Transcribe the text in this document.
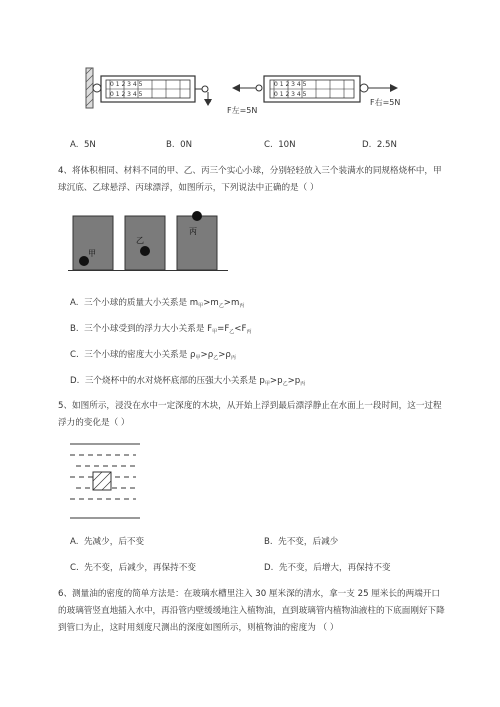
0 1 2 3 4 5
0 1 2 3 4 5
F
F左=5N
0 1 2 3 4 5
0 1 2 3 4 5
F右=5N
A. 5N	B. 0N	C. 10N	D. 2.5N
4、将体积相同、材料不同的甲、乙、丙三个实心小球，分别轻轻放入三个装满水的同规格烧杯中，甲球沉底、乙球悬浮、丙球漂浮，如图所示，下列说法中正确的是（ ）
甲
乙
丙
A. 三个小球的质量大小关系是 $m_甲>m_乙>m_丙$
B. 三个小球受到的浮力大小关系是 $F_甲=F_乙<F_丙$
C. 三个小球的密度大小关系是 $\rho_甲>\rho_乙>\rho_丙$
D. 三个烧杯中的水对烧杯底部的压强大小关系是 $p_甲>p_乙>p_丙$
5、如图所示，浸没在水中一定深度的木块，从开始上浮到最后漂浮静止在水面上一段时间，这一过程浮力的变化是（ ）
A. 先减少，后不变	B. 先不变，后减少
C. 先不变，后减少，再保持不变	D. 先不变，后增大，再保持不变
6、测量油的密度的简单方法是：在玻璃水槽里注入 30 厘米深的清水，拿一支 25 厘米长的两端开口的玻璃管竖直地插入水中，再沿管内壁缓缓地注入植物油，直到玻璃管内植物油液柱的下底面刚好下降到管口为止，这时用刻度尺测出的深度如图所示，则植物油的密度为 （ ）
